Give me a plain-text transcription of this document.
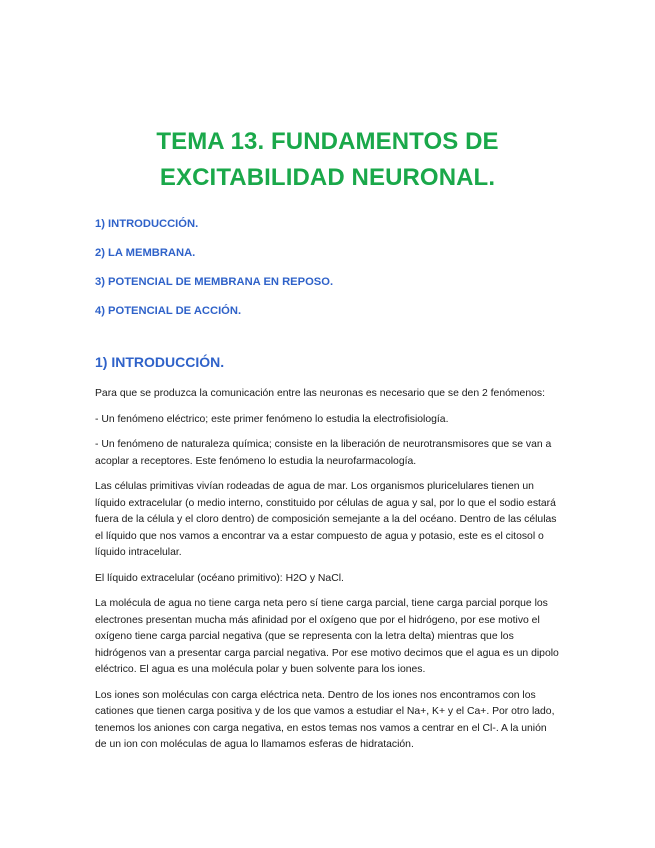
TEMA 13. FUNDAMENTOS DE

EXCITABILIDAD NEURONAL.

1) INTRODUCCIÓN.

2) LA MEMBRANA.

3) POTENCIAL DE MEMBRANA EN REPOSO.

4) POTENCIAL DE ACCIÓN.

1) INTRODUCCIÓN.

Para que se produzca la comunicación entre las neuronas es necesario que se den 2 fenómenos:

- Un fenómeno eléctrico; este primer fenómeno lo estudia la electrofisiología.

- Un fenómeno de naturaleza química; consiste en la liberación de neurotransmisores que se van a acoplar a receptores. Este fenómeno lo estudia la neurofarmacología.

Las células primitivas vivían rodeadas de agua de mar. Los organismos pluricelulares tienen un líquido extracelular (o medio interno, constituido por células de agua y sal, por lo que el sodio estará fuera de la célula y el cloro dentro) de composición semejante a la del océano. Dentro de las células el líquido que nos vamos a encontrar va a estar compuesto de agua y potasio, este es el citosol o líquido intracelular.

El líquido extracelular (océano primitivo): H2O y NaCl.

La molécula de agua no tiene carga neta pero sí tiene carga parcial, tiene carga parcial porque los electrones presentan mucha más afinidad por el oxígeno que por el hidrógeno, por ese motivo el oxígeno tiene carga parcial negativa (que se representa con la letra delta) mientras que los hidrógenos van a presentar carga parcial negativa. Por ese motivo decimos que el agua es un dipolo eléctrico. El agua es una molécula polar y buen solvente para los iones.

Los iones son moléculas con carga eléctrica neta. Dentro de los iones nos encontramos con los cationes que tienen carga positiva y de los que vamos a estudiar el Na+, K+ y el Ca+. Por otro lado, tenemos los aniones con carga negativa, en estos temas nos vamos a centrar en el Cl-. A la unión de un ion con moléculas de agua lo llamamos esferas de hidratación.
